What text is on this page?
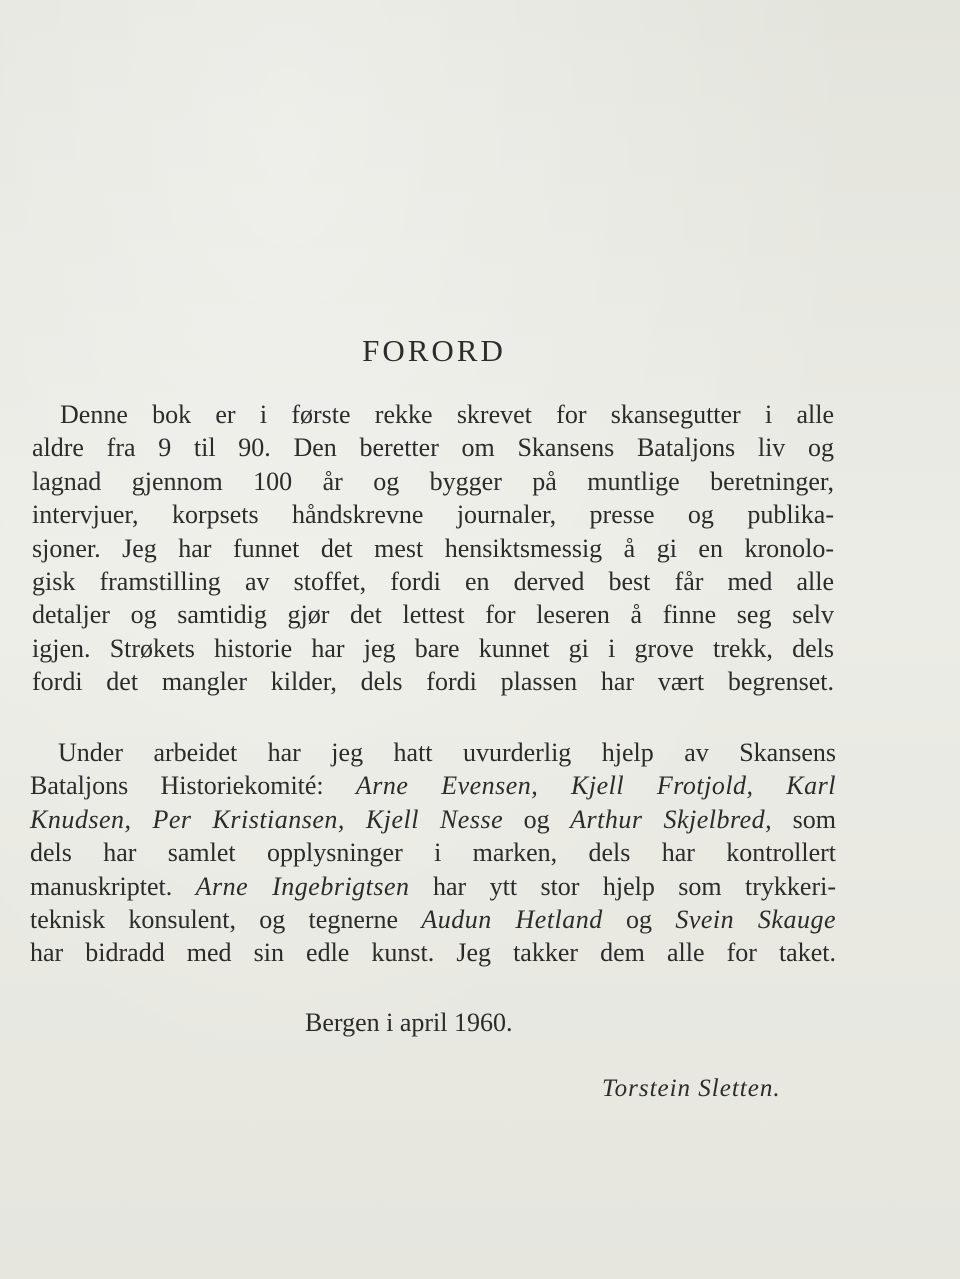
FORORD
Denne bok er i første rekke skrevet for skansegutter i alle
aldre fra 9 til 90. Den beretter om Skansens Bataljons liv og
lagnad gjennom 100 år og bygger på muntlige beretninger,
intervjuer, korpsets håndskrevne journaler, presse og publika-
sjoner. Jeg har funnet det mest hensiktsmessig å gi en kronolo-
gisk framstilling av stoffet, fordi en derved best får med alle
detaljer og samtidig gjør det lettest for leseren å finne seg selv
igjen. Strøkets historie har jeg bare kunnet gi i grove trekk, dels
fordi det mangler kilder, dels fordi plassen har vært begrenset.
Under arbeidet har jeg hatt uvurderlig hjelp av Skansens
Bataljons Historiekomité: Arne Evensen, Kjell Frotjold, Karl
Knudsen, Per Kristiansen, Kjell Nesse og Arthur Skjelbred, som
dels har samlet opplysninger i marken, dels har kontrollert
manuskriptet. Arne Ingebrigtsen har ytt stor hjelp som trykkeri-
teknisk konsulent, og tegnerne Audun Hetland og Svein Skauge
har bidradd med sin edle kunst. Jeg takker dem alle for taket.
Bergen i april 1960.
Torstein Sletten.
